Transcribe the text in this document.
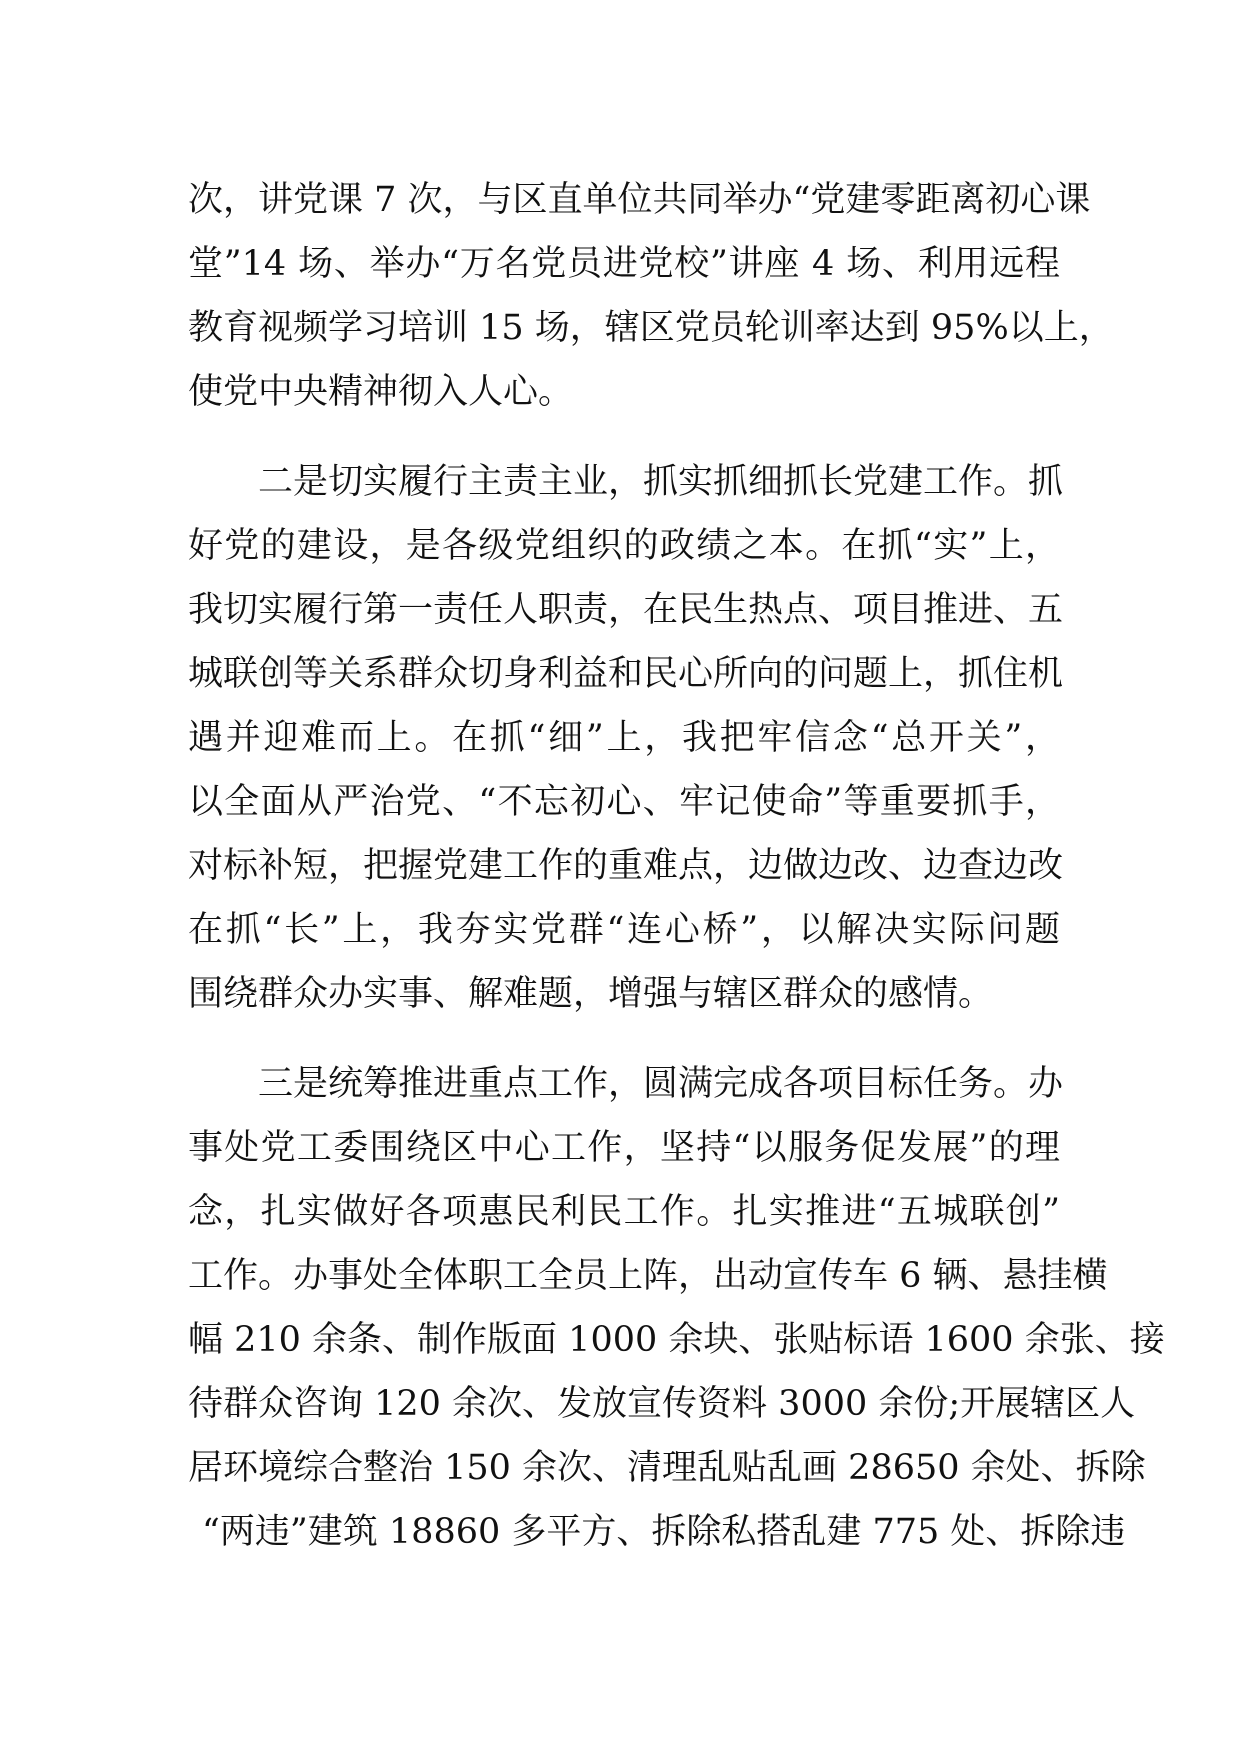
次，讲党课 7 次，与区直单位共同举办“党建零距离初心课
堂”14 场、举办“万名党员进党校”讲座 4 场、利用远程
教育视频学习培训 15 场，辖区党员轮训率达到 95%以上，
使党中央精神彻入人心。
二是切实履行主责主业，抓实抓细抓长党建工作。抓
好党的建设，是各级党组织的政绩之本。在抓“实”上，
我切实履行第一责任人职责，在民生热点、项目推进、五
城联创等关系群众切身利益和民心所向的问题上，抓住机
遇并迎难而上。在抓“细”上，我把牢信念“总开关”，
以全面从严治党、“不忘初心、牢记使命”等重要抓手，
对标补短，把握党建工作的重难点，边做边改、边查边改
在抓“长”上，我夯实党群“连心桥”，以解决实际问题
围绕群众办实事、解难题，增强与辖区群众的感情。
三是统筹推进重点工作，圆满完成各项目标任务。办
事处党工委围绕区中心工作，坚持“以服务促发展”的理
念，扎实做好各项惠民利民工作。扎实推进“五城联创”
工作。办事处全体职工全员上阵，出动宣传车 6 辆、悬挂横
幅 210 余条、制作版面 1000 余块、张贴标语 1600 余张、接
待群众咨询 120 余次、发放宣传资料 3000 余份;开展辖区人
居环境综合整治 150 余次、清理乱贴乱画 28650 余处、拆除
“两违”建筑 18860 多平方、拆除私搭乱建 775 处、拆除违
